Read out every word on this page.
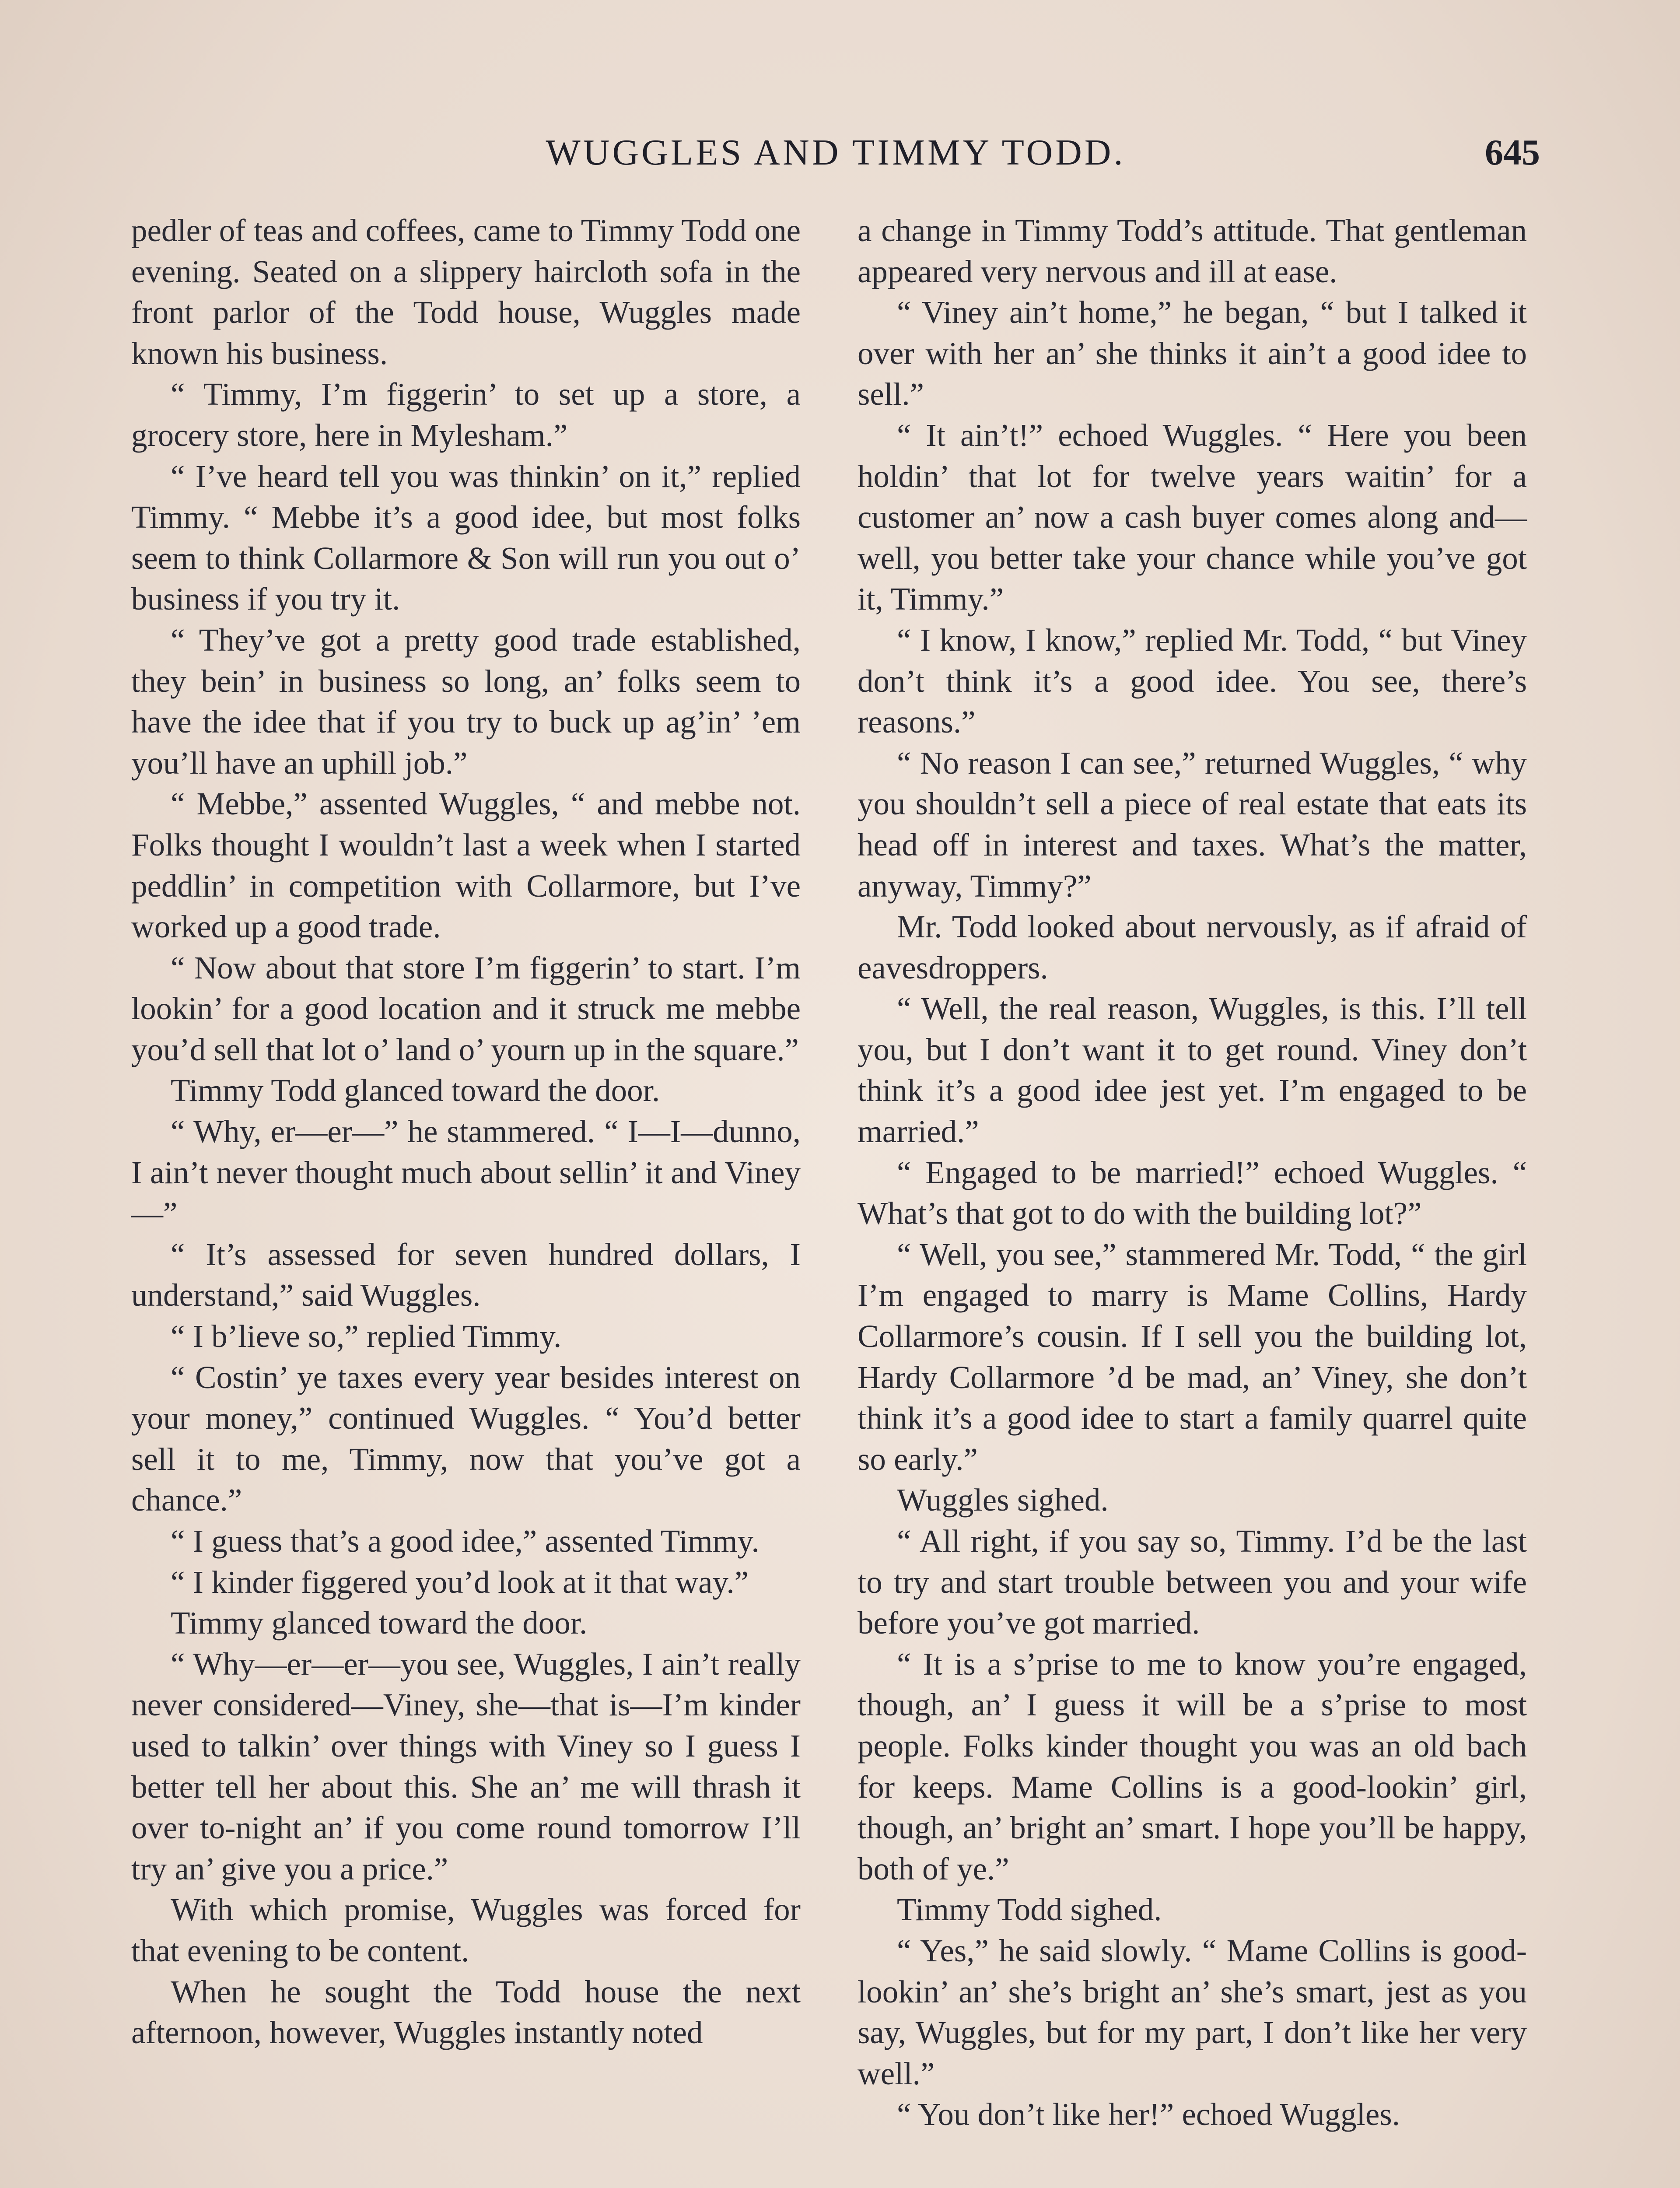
WUGGLES AND TIMMY TODD.	645

pedler of teas and coffees, came to Timmy Todd one evening. Seated on a slippery haircloth sofa in the front parlor of the Todd house, Wuggles made known his business.

“ Timmy, I’m figgerin’ to set up a store, a grocery store, here in Mylesham.”

“ I’ve heard tell you was thinkin’ on it,” replied Timmy. “ Mebbe it’s a good idee, but most folks seem to think Collarmore & Son will run you out o’ business if you try it.

“ They’ve got a pretty good trade established, they bein’ in business so long, an’ folks seem to have the idee that if you try to buck up ag’in’ ’em you’ll have an uphill job.”

“ Mebbe,” assented Wuggles, “ and mebbe not. Folks thought I wouldn’t last a week when I started peddlin’ in competition with Collarmore, but I’ve worked up a good trade.

“ Now about that store I’m figgerin’ to start. I’m lookin’ for a good location and it struck me mebbe you’d sell that lot o’ land o’ yourn up in the square.”

Timmy Todd glanced toward the door.

“ Why, er—er—” he stammered. “ I—I—dunno, I ain’t never thought much about sellin’ it and Viney—”

“ It’s assessed for seven hundred dollars, I understand,” said Wuggles.

“ I b’lieve so,” replied Timmy.

“ Costin’ ye taxes every year besides interest on your money,” continued Wuggles. “ You’d better sell it to me, Timmy, now that you’ve got a chance.”

“ I guess that’s a good idee,” assented Timmy.

“ I kinder figgered you’d look at it that way.”

Timmy glanced toward the door.

“ Why—er—er—you see, Wuggles, I ain’t really never considered—Viney, she—that is—I’m kinder used to talkin’ over things with Viney so I guess I better tell her about this. She an’ me will thrash it over to-night an’ if you come round tomorrow I’ll try an’ give you a price.”

With which promise, Wuggles was forced for that evening to be content.

When he sought the Todd house the next afternoon, however, Wuggles instantly noted

a change in Timmy Todd’s attitude. That gentleman appeared very nervous and ill at ease.

“ Viney ain’t home,” he began, “ but I talked it over with her an’ she thinks it ain’t a good idee to sell.”

“ It ain’t!” echoed Wuggles. “ Here you been holdin’ that lot for twelve years waitin’ for a customer an’ now a cash buyer comes along and—well, you better take your chance while you’ve got it, Timmy.”

“ I know, I know,” replied Mr. Todd, “ but Viney don’t think it’s a good idee. You see, there’s reasons.”

“ No reason I can see,” returned Wuggles, “ why you shouldn’t sell a piece of real estate that eats its head off in interest and taxes. What’s the matter, anyway, Timmy?”

Mr. Todd looked about nervously, as if afraid of eavesdroppers.

“ Well, the real reason, Wuggles, is this. I’ll tell you, but I don’t want it to get round. Viney don’t think it’s a good idee jest yet. I’m engaged to be married.”

“ Engaged to be married!” echoed Wuggles. “ What’s that got to do with the building lot?”

“ Well, you see,” stammered Mr. Todd, “ the girl I’m engaged to marry is Mame Collins, Hardy Collarmore’s cousin. If I sell you the building lot, Hardy Collarmore ’d be mad, an’ Viney, she don’t think it’s a good idee to start a family quarrel quite so early.”

Wuggles sighed.

“ All right, if you say so, Timmy. I’d be the last to try and start trouble between you and your wife before you’ve got married.

“ It is a s’prise to me to know you’re engaged, though, an’ I guess it will be a s’prise to most people. Folks kinder thought you was an old bach for keeps. Mame Collins is a good-lookin’ girl, though, an’ bright an’ smart. I hope you’ll be happy, both of ye.”

Timmy Todd sighed.

“ Yes,” he said slowly. “ Mame Collins is good-lookin’ an’ she’s bright an’ she’s smart, jest as you say, Wuggles, but for my part, I don’t like her very well.”

“ You don’t like her!” echoed Wuggles.
